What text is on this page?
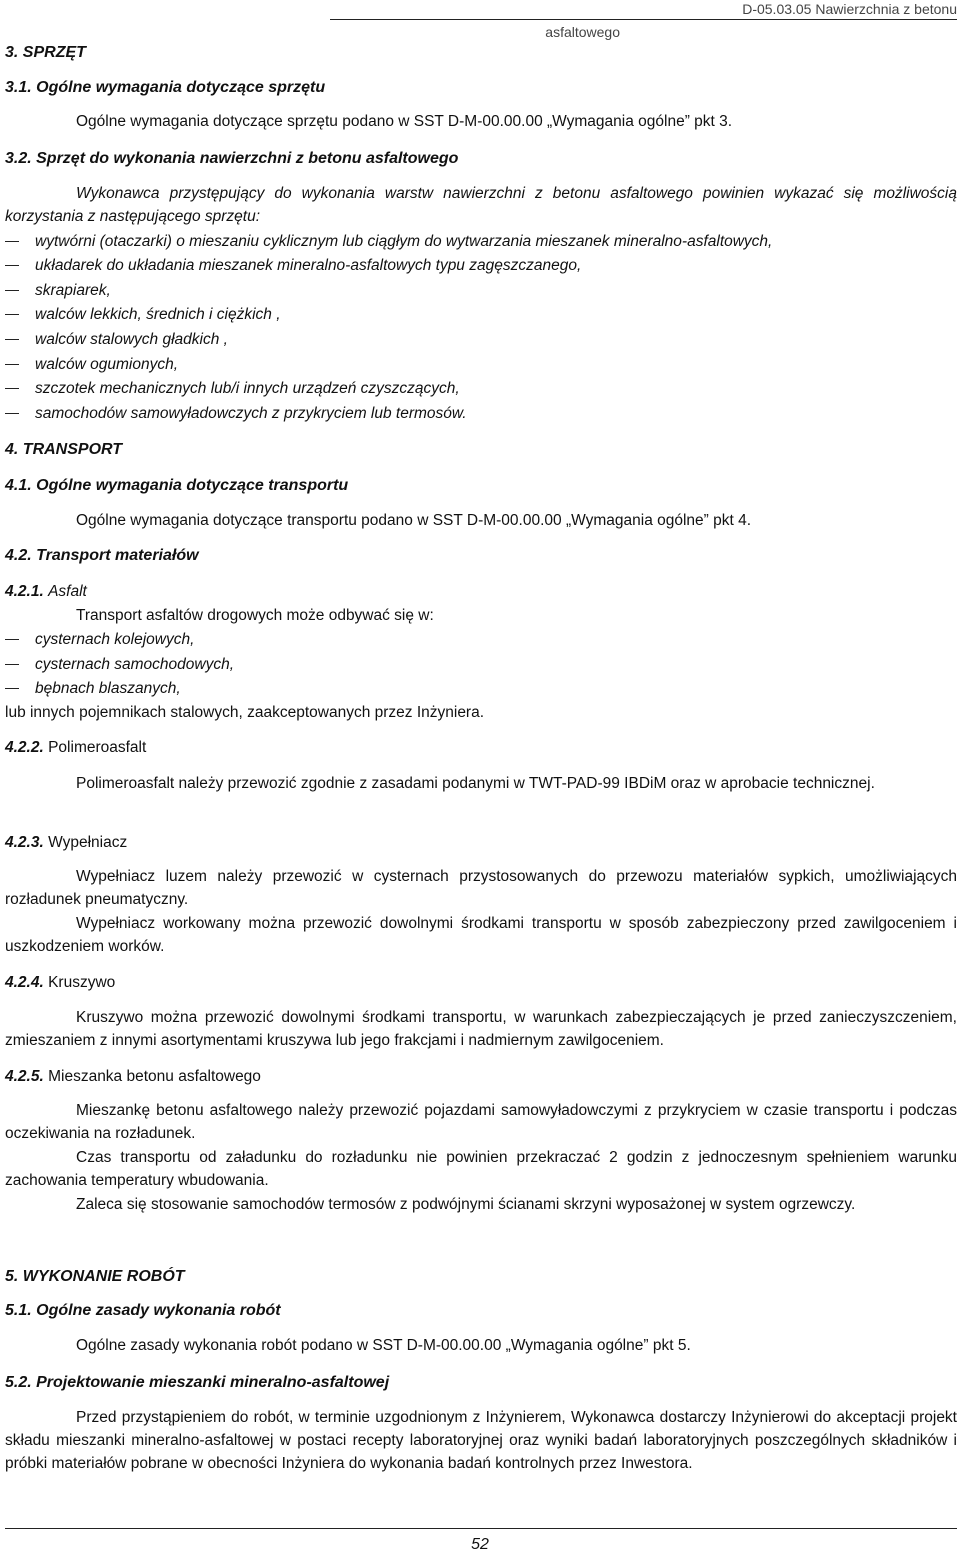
D-05.03.05 Nawierzchnia z betonu asfaltowego
3. SPRZĘT
3.1. Ogólne wymagania dotyczące sprzętu
Ogólne wymagania dotyczące sprzętu podano w SST D-M-00.00.00 „Wymagania ogólne” pkt 3.
3.2. Sprzęt do wykonania nawierzchni z betonu asfaltowego
Wykonawca przystępujący do wykonania warstw nawierzchni z betonu asfaltowego powinien wykazać się możliwością korzystania z następującego sprzętu:
wytwórni (otaczarki) o mieszaniu cyklicznym lub ciągłym do wytwarzania mieszanek mineralno-asfaltowych,
układarek do układania mieszanek mineralno-asfaltowych typu zagęszczanego,
skrapiarek,
walców lekkich, średnich i ciężkich ,
walców stalowych gładkich ,
walców ogumionych,
szczotek mechanicznych lub/i innych urządzeń czyszczących,
samochodów samowyładowczych z przykryciem lub termosów.
4. TRANSPORT
4.1. Ogólne wymagania dotyczące transportu
Ogólne wymagania dotyczące transportu podano w SST D-M-00.00.00 „Wymagania ogólne” pkt 4.
4.2. Transport materiałów
4.2.1. Asfalt
Transport asfaltów drogowych może odbywać się w:
cysternach kolejowych,
cysternach samochodowych,
bębnach blaszanych,
lub innych pojemnikach stalowych, zaakceptowanych przez Inżyniera.
4.2.2. Polimeroasfalt
Polimeroasfalt należy przewozić zgodnie z zasadami podanymi w TWT-PAD-99 IBDiM oraz w aprobacie technicznej.
4.2.3. Wypełniacz
Wypełniacz luzem należy przewozić w cysternach przystosowanych do przewozu materiałów sypkich, umożliwiających rozładunek pneumatyczny.
Wypełniacz workowany można przewozić dowolnymi środkami transportu w sposób zabezpieczony przed zawilgoceniem i uszkodzeniem worków.
4.2.4. Kruszywo
Kruszywo można przewozić dowolnymi środkami transportu, w warunkach zabezpieczających je przed zanieczyszczeniem, zmieszaniem z innymi asortymentami kruszywa lub jego frakcjami i nadmiernym zawilgoceniem.
4.2.5. Mieszanka betonu asfaltowego
Mieszankę betonu asfaltowego należy przewozić pojazdami samowyładowczymi z przykryciem w czasie transportu i podczas oczekiwania na rozładunek.
Czas transportu od załadunku do rozładunku nie powinien przekraczać 2 godzin z jednoczesnym spełnieniem warunku zachowania temperatury wbudowania.
Zaleca się stosowanie samochodów termosów z podwójnymi ścianami skrzyni wyposażonej w system ogrzewczy.
5. WYKONANIE ROBÓT
5.1. Ogólne zasady wykonania robót
Ogólne zasady wykonania robót podano w SST D-M-00.00.00 „Wymagania ogólne” pkt 5.
5.2. Projektowanie mieszanki mineralno-asfaltowej
Przed przystąpieniem do robót, w terminie uzgodnionym z Inżynierem, Wykonawca dostarczy Inżynierowi do akceptacji projekt składu mieszanki mineralno-asfaltowej w postaci recepty laboratoryjnej oraz wyniki badań laboratoryjnych poszczególnych składników i próbki materiałów pobrane w obecności Inżyniera do wykonania badań kontrolnych przez Inwestora.
52
